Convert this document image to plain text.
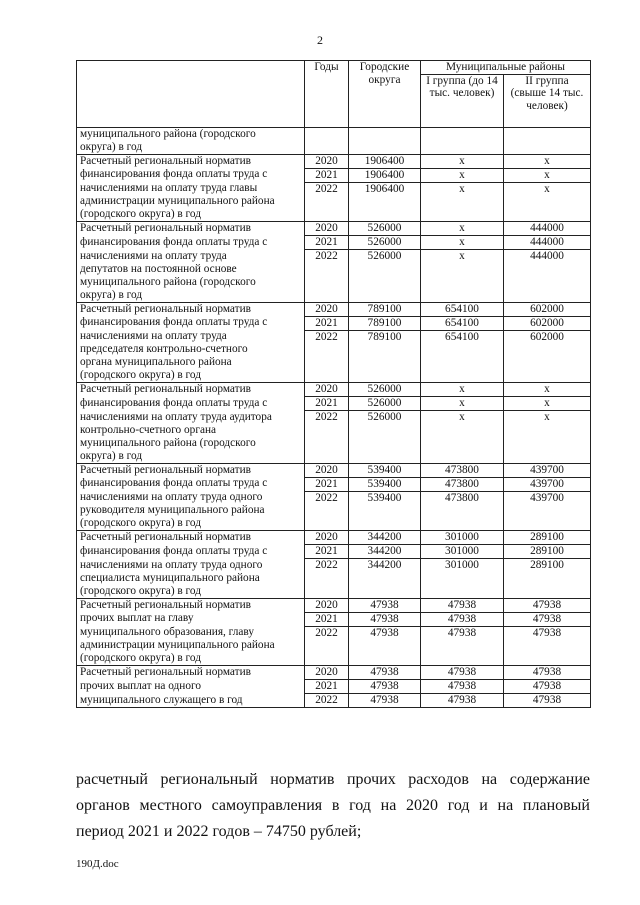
2
	Годы	Городские округа	Муниципальные районы	
			I группа (до 14 тыс. человек)	II группа (свыше 14 тыс. человек)

муниципального района (городского
округа) в год				

Расчетный региональный норматив	2020	1906400	x	x

финансирования фонда оплаты труда с	2021	1906400	x	x

начислениями на оплату труда главы
администрации муниципального района
(городского округа) в год	2022	1906400	x	x

Расчетный региональный норматив	2020	526000	x	444000

финансирования фонда оплаты труда с	2021	526000	x	444000

начислениями на оплату труда
депутатов на постоянной основе
муниципального района (городского
округа) в год	2022	526000	x	444000

Расчетный региональный норматив	2020	789100	654100	602000

финансирования фонда оплаты труда с	2021	789100	654100	602000

начислениями на оплату труда
председателя контрольно-счетного
органа муниципального района
(городского округа) в год	2022	789100	654100	602000

Расчетный региональный норматив	2020	526000	x	x

финансирования фонда оплаты труда с	2021	526000	x	x

начислениями на оплату труда аудитора
контрольно-счетного органа
муниципального района (городского
округа) в год	2022	526000	x	x

Расчетный региональный норматив	2020	539400	473800	439700

финансирования фонда оплаты труда с	2021	539400	473800	439700

начислениями на оплату труда одного
руководителя муниципального района
(городского округа) в год	2022	539400	473800	439700

Расчетный региональный норматив	2020	344200	301000	289100

финансирования фонда оплаты труда с	2021	344200	301000	289100

начислениями на оплату труда одного
специалиста муниципального района
(городского округа) в год	2022	344200	301000	289100

Расчетный региональный норматив	2020	47938	47938	47938

прочих выплат на главу	2021	47938	47938	47938

муниципального образования, главу
администрации муниципального района
(городского округа) в год	2022	47938	47938	47938

Расчетный региональный норматив	2020	47938	47938	47938

прочих выплат на одного	2021	47938	47938	47938

муниципального служащего в год	2022	47938	47938	47938
расчетный региональный норматив прочих расходов на содержание
органов местного самоуправления в год на 2020 год и на плановый
период 2021 и 2022 годов – 74750 рублей;
190Д.doc
